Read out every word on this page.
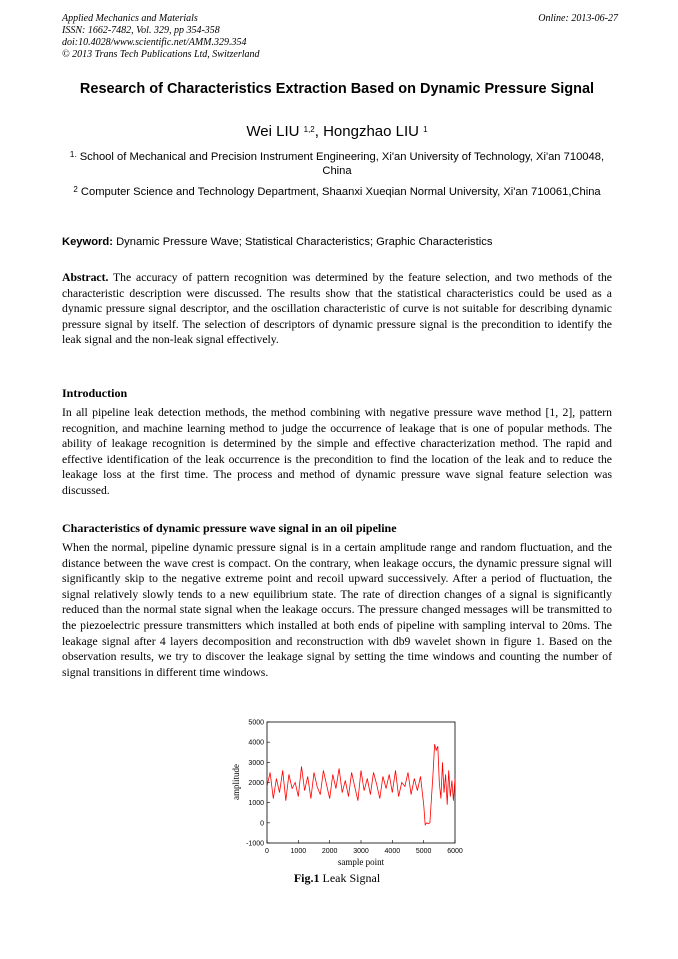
Applied Mechanics and Materials
ISSN: 1662-7482, Vol. 329, pp 354-358
doi:10.4028/www.scientific.net/AMM.329.354
© 2013 Trans Tech Publications Ltd, Switzerland
Online: 2013-06-27
Research of Characteristics Extraction Based on Dynamic Pressure Signal
Wei LIU $^{1,2}$, Hongzhao LIU $^1$
$^{1.}$ School of Mechanical and Precision Instrument Engineering, Xi'an University of Technology, Xi'an 710048, China
$^2$ Computer Science and Technology Department, Shaanxi Xueqian Normal University, Xi'an 710061,China
Keyword: Dynamic Pressure Wave; Statistical Characteristics; Graphic Characteristics
Abstract. The accuracy of pattern recognition was determined by the feature selection, and two methods of the characteristic description were discussed. The results show that the statistical characteristics could be used as a dynamic pressure signal descriptor, and the oscillation characteristic of curve is not suitable for describing dynamic pressure signal by itself. The selection of descriptors of dynamic pressure signal is the precondition to identify the leak signal and the non-leak signal effectively.
Introduction
In all pipeline leak detection methods, the method combining with negative pressure wave method [1, 2], pattern recognition, and machine learning method to judge the occurrence of leakage that is one of popular methods. The ability of leakage recognition is determined by the simple and effective characterization method. The rapid and effective identification of the leak occurrence is the precondition to find the location of the leak and to reduce the leakage loss at the first time. The process and method of dynamic pressure wave signal feature selection was discussed.
Characteristics of dynamic pressure wave signal in an oil pipeline
When the normal, pipeline dynamic pressure signal is in a certain amplitude range and random fluctuation, and the distance between the wave crest is compact. On the contrary, when leakage occurs, the dynamic pressure signal will significantly skip to the negative extreme point and recoil upward successively. After a period of fluctuation, the signal relatively slowly tends to a new equilibrium state. The rate of direction changes of a signal is significantly reduced than the normal state signal when the leakage occurs. The pressure changed messages will be transmitted to the piezoelectric pressure transmitters which installed at both ends of pipeline with sampling interval to 20ms. The leakage signal after 4 layers decomposition and reconstruction with db9 wavelet shown in figure 1. Based on the observation results, we try to discover the leakage signal by setting the time windows and counting the number of signal transitions in different time windows.
0	1000 2000 3000 4000 5000 6000
-1000
0
1000
2000
3000
4000
5000
sample point
amplitude
Fig.1 Leak Signal
